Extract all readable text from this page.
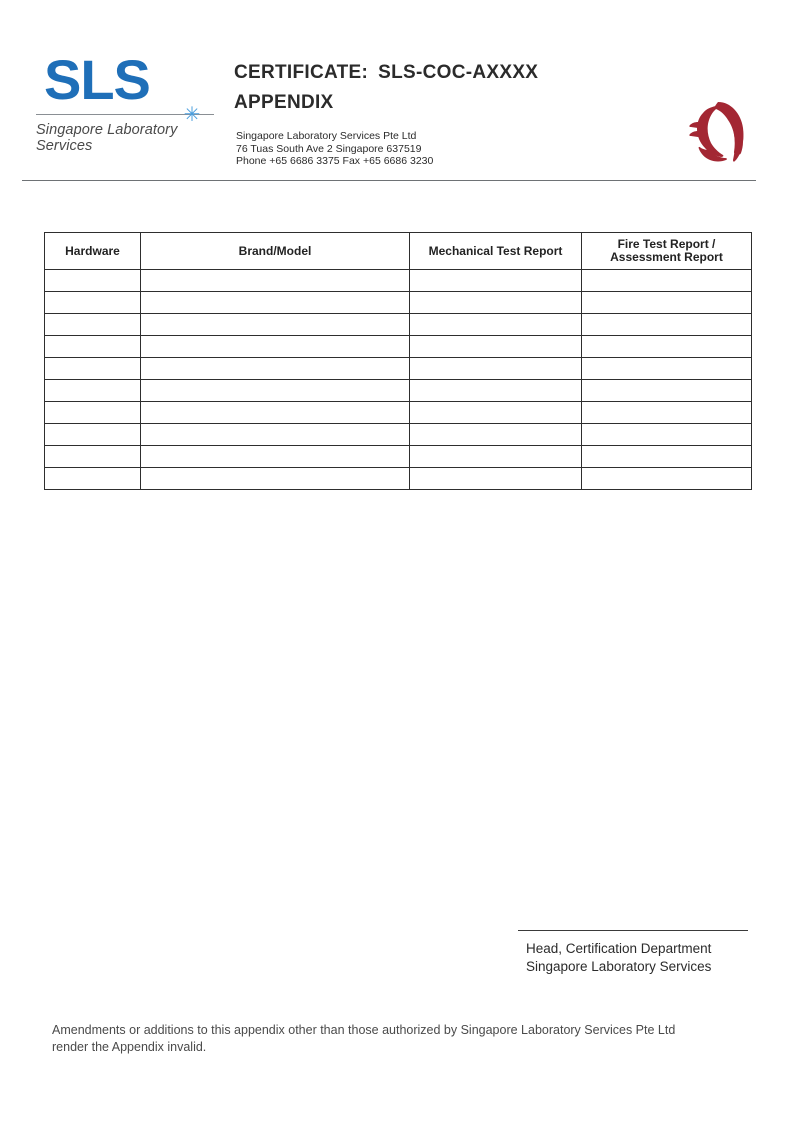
SLS
✳
Singapore Laboratory Services
CERTIFICATE: SLS-COC-AXXXX
APPENDIX
Singapore Laboratory Services Pte Ltd
76 Tuas South Ave 2 Singapore 637519
Phone +65 6686 3375 Fax +65 6686 3230
Hardware	Brand/Model	Mechanical Test Report	Fire Test Report /
Assessment Report

Head, Certification Department
Singapore Laboratory Services
Amendments or additions to this appendix other than those authorized by Singapore Laboratory Services Pte Ltd
render the Appendix invalid.
